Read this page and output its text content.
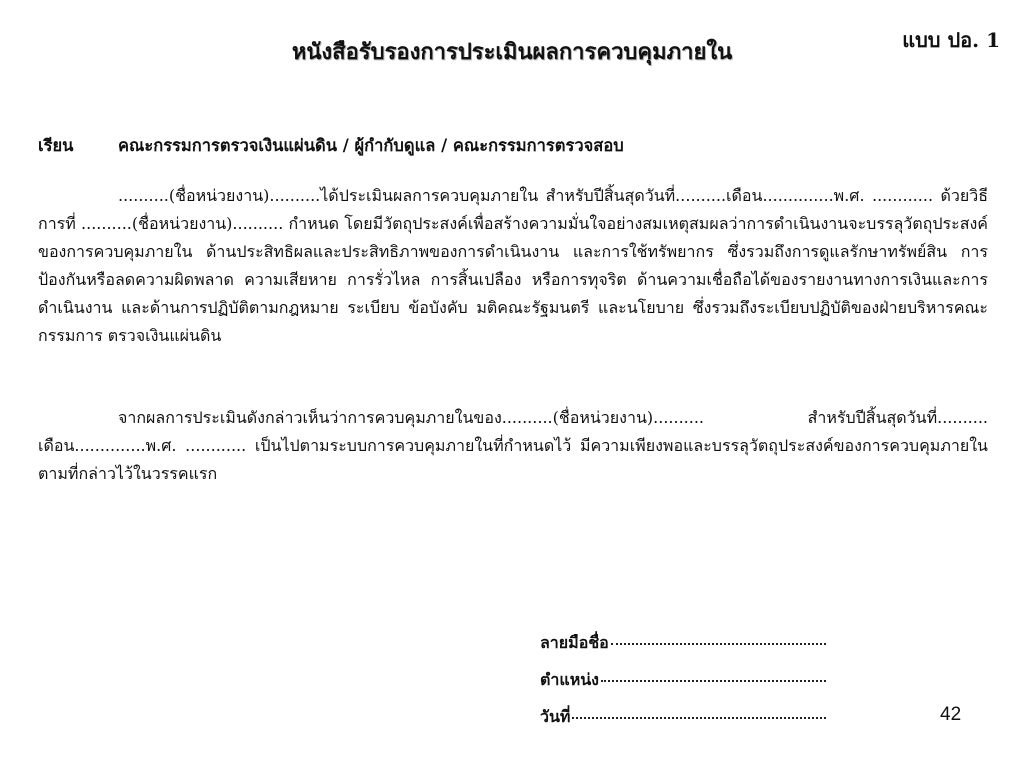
แบบ ปอ. 1
หนังสือรับรองการประเมินผลการควบคุมภายใน
เรียน	คณะกรรมการตรวจเงินแผ่นดิน / ผู้กำกับดูแล / คณะกรรมการตรวจสอบ
..........(ชื่อหน่วยงาน)..........ได้ประเมินผลการควบคุมภายใน สำหรับปีสิ้นสุดวันที่..........เดือน..............พ.ศ. ............ ด้วยวิธีการที่ ..........(ชื่อหน่วยงาน).......... กำหนด โดยมีวัตถุประสงค์เพื่อสร้างความมั่นใจอย่างสมเหตุสมผลว่าการดำเนินงานจะบรรลุวัตถุประสงค์ของการควบคุมภายใน ด้านประสิทธิผลและประสิทธิภาพของการดำเนินงาน และการใช้ทรัพยากร ซึ่งรวมถึงการดูแลรักษาทรัพย์สิน การป้องกันหรือลดความผิดพลาด ความเสียหาย การรั่วไหล การสิ้นเปลือง หรือการทุจริต ด้านความเชื่อถือได้ของรายงานทางการเงินและการดำเนินงาน และด้านการปฏิบัติตามกฎหมาย ระเบียบ ข้อบังคับ มติคณะรัฐมนตรี และนโยบาย ซึ่งรวมถึงระเบียบปฏิบัติของฝ่ายบริหารคณะกรรมการ ตรวจเงินแผ่นดิน
จากผลการประเมินดังกล่าวเห็นว่าการควบคุมภายในของ..........(ชื่อหน่วยงาน).......... สำหรับปีสิ้นสุดวันที่.......... เดือน..............พ.ศ. ............ เป็นไปตามระบบการควบคุมภายในที่กำหนดไว้ มีความเพียงพอและบรรลุวัตถุประสงค์ของการควบคุมภายในตามที่กล่าวไว้ในวรรคแรก
ลายมือชื่อ
ตำแหน่ง
วันที่	42
